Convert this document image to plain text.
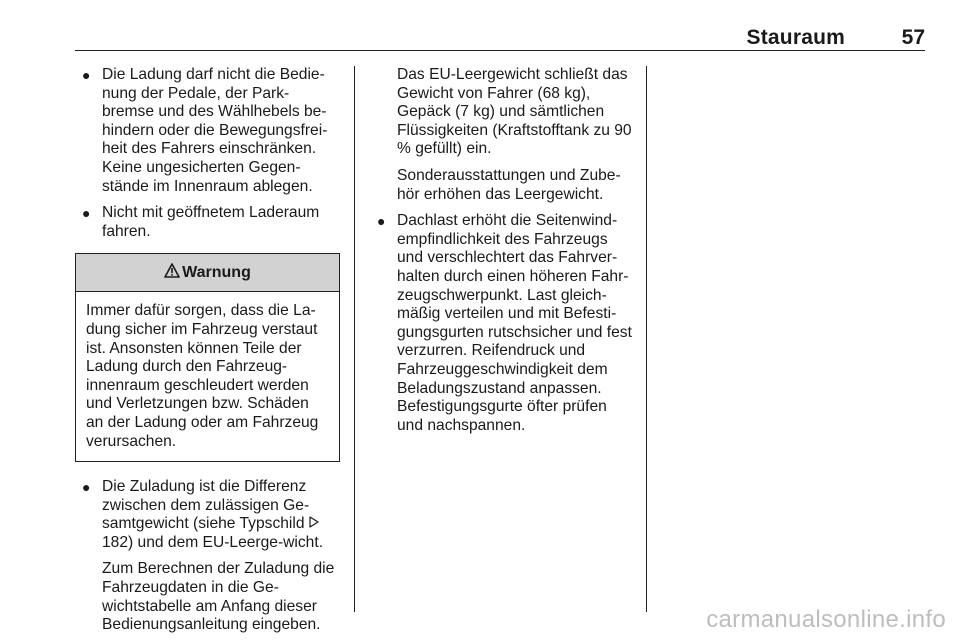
Stauraum	57
● Die Ladung darf nicht die Bedie-nung der Pedale, der Park-bremse und des Wählhebels be-hindern oder die Bewegungsfrei-heit des Fahrers einschränken. Keine ungesicherten Gegen-stände im Innenraum ablegen.
● Nicht mit geöffnetem Laderaum fahren.
Warnung
Immer dafür sorgen, dass die La-dung sicher im Fahrzeug verstaut ist. Ansonsten können Teile der Ladung durch den Fahrzeug-innenraum geschleudert werden und Verletzungen bzw. Schäden an der Ladung oder am Fahrzeug verursachen.
● Die Zuladung ist die Differenz zwischen dem zulässigen Ge-samtgewicht (siehe Typschild  182) und dem EU-Leerge-wicht.
Zum Berechnen der Zuladung die Fahrzeugdaten in die Ge-wichtstabelle am Anfang dieser Bedienungsanleitung eingeben.

Das EU-Leergewicht schließt das Gewicht von Fahrer (68 kg), Gepäck (7 kg) und sämtlichen Flüssigkeiten (Kraftstofftank zu 90 % gefüllt) ein.

Sonderausstattungen und Zube-hör erhöhen das Leergewicht.

● Dachlast erhöht die Seitenwind-empfindlichkeit des Fahrzeugs und verschlechtert das Fahrver-halten durch einen höheren Fahr-zeugschwerpunkt. Last gleich-mäßig verteilen und mit Befesti-gungsgurten rutschsicher und fest verzurren. Reifendruck und Fahrzeuggeschwindigkeit dem Beladungszustand anpassen. Befestigungsgurte öfter prüfen und nachspannen.
carmanualsonline.info
